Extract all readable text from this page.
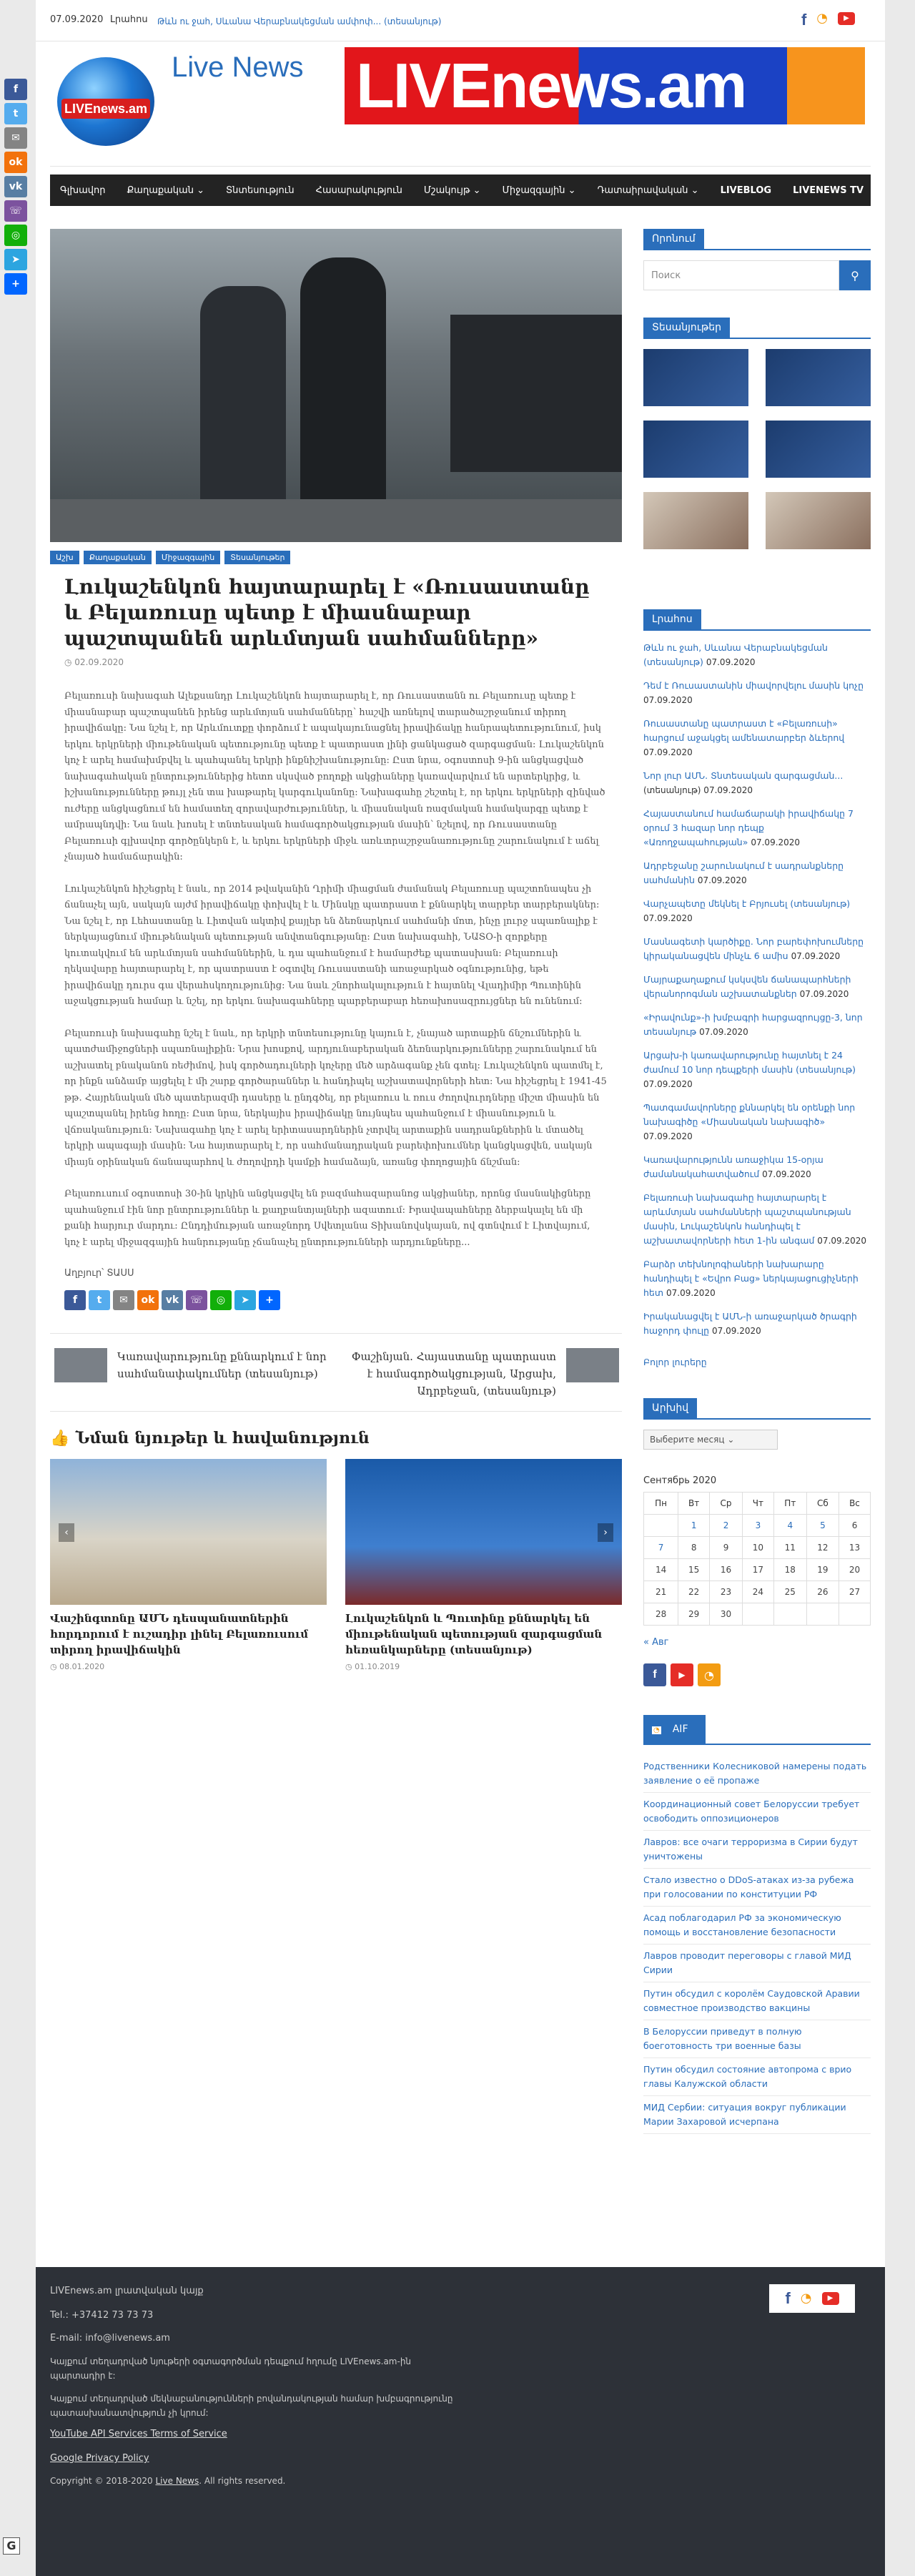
07.09.2020 Լրահոս Թևն ու ջահ, Սևանա Վերաբնակեցման ամփոփ... (տեսանյութ)	f ◔	▶
LIVEnews.am
Live News LIVEnews.am
Գլխավոր Քաղաքական ⌄ Տնտեսություն Հասարակություն Մշակույթ ⌄ Միջազգային ⌄ Դատաիրավական ⌄ LIVEBLOG LIVENEWS TV
Աշխ	Քաղաքական	Միջազգային	Տեսանյութեր
Լուկաշենկոն հայտարարել է «Ռուսաստանը և Բելառուսը պետք է միասնաբար պաշտպանեն արևմտյան սահմանները»
◷ 02.09.2020

Բելառուսի նախագահ Ալեքսանդր Լուկաշենկոն հայտարարել է, որ Ռուսաստանն ու Բելառուսը պետք է միասնաբար պաշտպանեն իրենց արևմտյան սահմանները՝ հաշվի առնելով տարածաշրջանում տիրող իրավիճակը: Նա նշել է, որ Արևմուտքը փորձում է ապակայունացնել իրավիճակը հանրապետությունում, իսկ երկու երկրների միութենական պետությունը պետք է պատրաստ լինի ցանկացած զարգացման: Լուկաշենկոն կոչ է արել համախմբվել և պահպանել երկրի ինքնիշխանությունը: Ըստ նրա, օգոստոսի 9-ին անցկացված նախագահական ընտրություններից հետո սկսված բողոքի ակցիաները կառավարվում են արտերկրից, և իշխանությունները թույլ չեն տա խաթարել կարգուկանոնը: Նախագահը շեշտել է, որ երկու երկրների զինված ուժերը անցկացնում են համատեղ զորավարժություններ, և միասնական ռազմական համակարգը պետք է ամրապնդվի: Նա նաև խոսել է տնտեսական համագործակցության մասին՝ նշելով, որ Ռուսաստանը Բելառուսի գլխավոր գործընկերն է, և երկու երկրների միջև առևտրաշրջանառությունը շարունակում է աճել չնայած համաճարակին:

Լուկաշենկոն հիշեցրել է նաև, որ 2014 թվականին Ղրիմի միացման ժամանակ Բելառուսը պաշտոնապես չի ճանաչել այն, սակայն այժմ իրավիճակը փոխվել է և Մինսկը պատրաստ է քննարկել տարբեր տարբերակներ: Նա նշել է, որ Լեհաստանը և Լիտվան ակտիվ քայլեր են ձեռնարկում սահմանի մոտ, ինչը լուրջ սպառնալիք է ներկայացնում միութենական պետության անվտանգությանը: Ըստ նախագահի, ՆԱՏՕ-ի զորքերը կուտակվում են արևմտյան սահմաններին, և դա պահանջում է համարժեք պատասխան: Բելառուսի ղեկավարը հայտարարել է, որ պատրաստ է օգտվել Ռուսաստանի առաջարկած օգնությունից, եթե իրավիճակը դուրս գա վերահսկողությունից: Նա նաև շնորհակալություն է հայտնել Վլադիմիր Պուտինին աջակցության համար և նշել, որ երկու նախագահները պարբերաբար հեռախոսազրույցներ են ունենում:

Բելառուսի նախագահը նշել է նաև, որ երկրի տնտեսությունը կայուն է, չնայած արտաքին ճնշումներին և պատժամիջոցների սպառնալիքին: Նրա խոսքով, արդյունաբերական ձեռնարկությունները շարունակում են աշխատել բնականոն ռեժիմով, իսկ գործադուլների կոչերը մեծ արձագանք չեն գտել: Լուկաշենկոն պատմել է, որ ինքն անձամբ այցելել է մի շարք գործարաններ և հանդիպել աշխատավորների հետ: Նա հիշեցրել է 1941-45 թթ. Հայրենական մեծ պատերազմի դասերը և ընդգծել, որ բելառուս և ռուս ժողովուրդները միշտ միասին են պաշտպանել իրենց հողը: Ըստ նրա, ներկայիս իրավիճակը նույնպես պահանջում է միասնություն և վճռականություն: Նախագահը կոչ է արել երիտասարդներին չտրվել արտաքին սադրանքներին և մտածել երկրի ապագայի մասին: Նա հայտարարել է, որ սահմանադրական բարեփոխումներ կանցկացվեն, սակայն միայն օրինական ճանապարհով և ժողովրդի կամքի համաձայն, առանց փողոցային ճնշման:

Բելառուսում օգոստոսի 30-ին կրկին անցկացվել են բազմահազարանոց ակցիաներ, որոնց մասնակիցները պահանջում էին նոր ընտրություններ և քաղբանտյալների ազատում: Իրավապահները ձերբակալել են մի քանի հարյուր մարդու: Ընդդիմության առաջնորդ Սվետլանա Տիխանովսկայան, ով գտնվում է Լիտվայում, կոչ է արել միջազգային հանրությանը չճանաչել ընտրությունների արդյունքները...

Աղբյուր՝ ՏԱՍՍ
f	t	✉	ok	vk	☏	◎	➤	+
Կառավարությունը քննարկում է նոր սահմանափակումներ (տեսանյութ)
Փաշինյան. Հայաստանը պատրաստ է համագործակցության, Արցախ, Ադրբեջան, (տեսանյութ)
👍 Նման նյութեր և հավանություն
‹
Վաշինգտոնը ԱՄՆ դեսպանատներին հորդորում է ուշադիր լինել Բելառուսում տիրող իրավիճակին
◷ 08.01.2020
›
Լուկաշենկոն և Պուտինը քննարկել են միութենական պետության զարգացման հեռանկարները (տեսանյութ)
◷ 01.10.2019
Որոնում
Поиск	⚲
Տեսանյութեր
Լրահոս
Թևն ու ջահ, Սևանա Վերաբնակեցման (տեսանյութ) 07.09.2020
Դեմ է Ռուսաստանին միավորվելու մասին կոչը 07.09.2020
Ռուսաստանը պատրաստ է «Բելառուսի» հարցում աջակցել ամենատարբեր ձևերով 07.09.2020
Նոր լուր ԱՄՆ. Տնտեսական զարգացման... (տեսանյութ) 07.09.2020
Հայաստանում համաճարակի իրավիճակը 7 օրում 3 հազար նոր դեպք «Առողջապահության» 07.09.2020
Ադրբեջանը շարունակում է սադրանքները սահմանին 07.09.2020
Վարչապետը մեկնել է Բրյուսել (տեսանյութ) 07.09.2020
Մասնագետի կարծիքը. Նոր բարեփոխումները կիրականացվեն մինչև 6 ամիս 07.09.2020
Մայրաքաղաքում կսկսվեն ճանապարհների վերանորոգման աշխատանքներ 07.09.2020
«Իրավունք»-ի խմբագրի հարցազրույցը-3, նոր տեսանյութ 07.09.2020
Արցախ-ի կառավարությունը հայտնել է 24 ժամում 10 նոր դեպքերի մասին (տեսանյութ) 07.09.2020
Պատգամավորները քննարկել են օրենքի նոր նախագիծը «Միասնական նախագիծ» 07.09.2020
Կառավարությունն առաջիկա 15-օրյա ժամանակահատվածում 07.09.2020
Բելառուսի նախագահը հայտարարել է արևմտյան սահմանների պաշտպանության մասին, Լուկաշենկոն հանդիպել է աշխատավորների հետ 1-ին անգամ 07.09.2020
Բարձր տեխնոլոգիաների նախարարը հանդիպել է «Եվրո Բաց» ներկայացուցիչների հետ 07.09.2020
Իրականացվել է ԱՄՆ-ի առաջարկած ծրագրի հաջորդ փուլը 07.09.2020
Բոլոր լուրերը
Արխիվ
Выберите месяц ⌄
Сентябрь 2020
Пн	Вт	Ср	Чт	Пт	Сб	Вс
	1	2	3	4	5	6
7	8	9	10	11	12	13
14	15	16	17	18	19	20
21	22	23	24	25	26	27
28	29	30				
« Авг
f	▶	◔
◔ AIF
Родственники Колесниковой намерены подать заявление о её пропаже
Координационный совет Белоруссии требует освободить оппозиционеров
Лавров: все очаги терроризма в Сирии будут уничтожены
Стало известно о DDoS-атаках из-за рубежа при голосовании по конституции РФ
Асад поблагодарил РФ за экономическую помощь и восстановление безопасности
Лавров проводит переговоры с главой МИД Сирии
Путин обсудил с королём Саудовской Аравии совместное производство вакцины
В Белоруссии приведут в полную боеготовность три военные базы
Путин обсудил состояние автопрома с врио главы Калужской области
МИД Сербии: ситуация вокруг публикации Марии Захаровой исчерпана
LIVEnews.am լրատվական կայք
Tel.: +37412 73 73 73
E-mail: info@livenews.am
Կայքում տեղադրված նյութերի օգտագործման դեպքում հղումը LIVEnews.am-ին պարտադիր է:
Կայքում տեղադրված մեկնաբանությունների բովանդակության համար խմբագրությունը պատասխանատվություն չի կրում:
YouTube API Services Terms of Service
Google Privacy Policy
Copyright © 2018-2020 Live News. All rights reserved.
f ◔	▶
f
t
✉
ok
vk
☏
◎
➤
+
G
